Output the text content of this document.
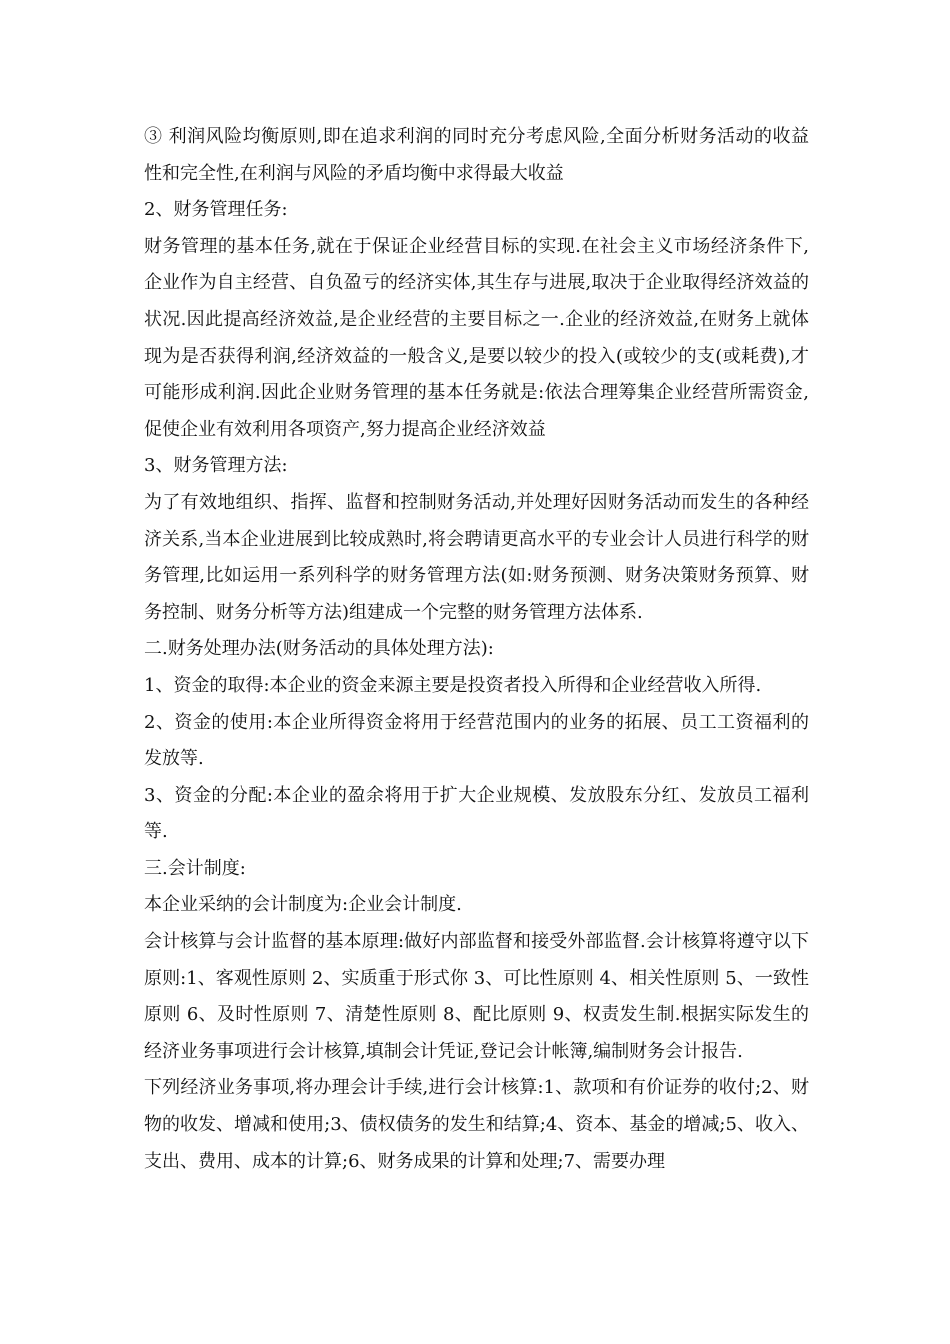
③ 利润风险均衡原则,即在追求利润的同时充分考虑风险,全面分析财务活动的收益性和完全性,在利润与风险的矛盾均衡中求得最大收益

2、财务管理任务:

财务管理的基本任务,就在于保证企业经营目标的实现.在社会主义市场经济条件下,企业作为自主经营、自负盈亏的经济实体,其生存与进展,取决于企业取得经济效益的状况.因此提高经济效益,是企业经营的主要目标之一.企业的经济效益,在财务上就体现为是否获得利润,经济效益的一般含义,是要以较少的投入(或较少的支(或耗费),才可能形成利润.因此企业财务管理的基本任务就是:依法合理筹集企业经营所需资金,促使企业有效利用各项资产,努力提高企业经济效益

3、财务管理方法:

为了有效地组织、指挥、监督和控制财务活动,并处理好因财务活动而发生的各种经济关系,当本企业进展到比较成熟时,将会聘请更高水平的专业会计人员进行科学的财务管理,比如运用一系列科学的财务管理方法(如:财务预测、财务决策财务预算、财务控制、财务分析等方法)组建成一个完整的财务管理方法体系.

二.财务处理办法(财务活动的具体处理方法):

1、资金的取得:本企业的资金来源主要是投资者投入所得和企业经营收入所得.

2、资金的使用:本企业所得资金将用于经营范围内的业务的拓展、员工工资福利的发放等.

3、资金的分配:本企业的盈余将用于扩大企业规模、发放股东分红、发放员工福利等.

三.会计制度:

本企业采纳的会计制度为:企业会计制度.

会计核算与会计监督的基本原理:做好内部监督和接受外部监督.会计核算将遵守以下原则:1、客观性原则 2、实质重于形式你 3、可比性原则 4、相关性原则 5、一致性原则 6、及时性原则 7、清楚性原则 8、配比原则 9、权责发生制.根据实际发生的经济业务事项进行会计核算,填制会计凭证,登记会计帐簿,编制财务会计报告.

下列经济业务事项,将办理会计手续,进行会计核算:1、款项和有价证券的收付;2、财物的收发、增减和使用;3、债权债务的发生和结算;4、资本、基金的增减;5、收入、支出、费用、成本的计算;6、财务成果的计算和处理;7、需要办理
